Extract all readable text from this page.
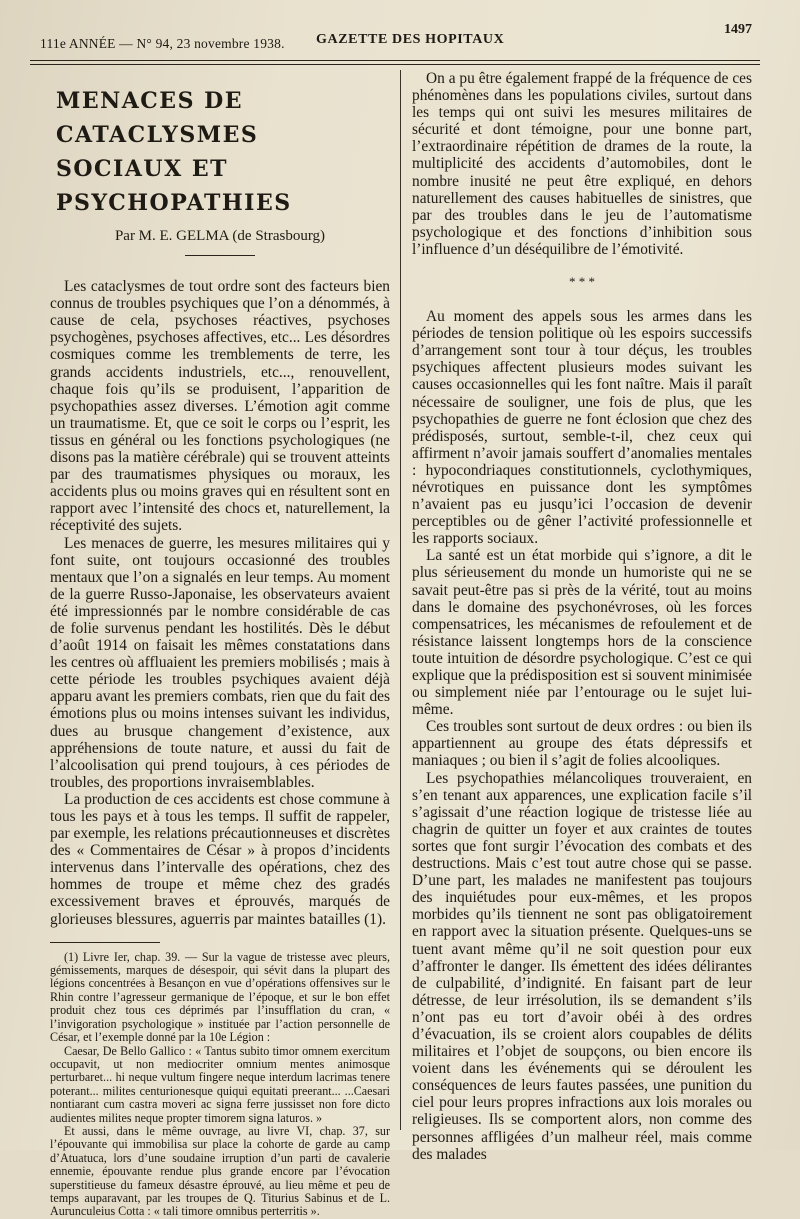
111e ANNÉE — N° 94, 23 novembre 1938. GAZETTE DES HOPITAUX
1497
MENACES DE CATACLYSMES
SOCIAUX ET PSYCHOPATHIES
Par M. E. GELMA (de Strasbourg)

Les cataclysmes de tout ordre sont des facteurs bien connus de troubles psychiques que l’on a dénommés, à cause de cela, psychoses réactives, psychoses psychogènes, psychoses affectives, etc... Les désordres cosmiques comme les tremblements de terre, les grands accidents industriels, etc..., renouvellent, chaque fois qu’ils se produisent, l’apparition de psychopathies assez diverses. L’émotion agit comme un traumatisme. Et, que ce soit le corps ou l’esprit, les tissus en général ou les fonctions psychologiques (ne disons pas la matière cérébrale) qui se trouvent atteints par des traumatismes physiques ou moraux, les accidents plus ou moins graves qui en résultent sont en rapport avec l’intensité des chocs et, naturellement, la réceptivité des sujets.

Les menaces de guerre, les mesures militaires qui y font suite, ont toujours occasionné des troubles mentaux que l’on a signalés en leur temps. Au moment de la guerre Russo-Japonaise, les observateurs avaient été impressionnés par le nombre considérable de cas de folie survenus pendant les hostilités. Dès le début d’août 1914 on faisait les mêmes constatations dans les centres où affluaient les premiers mobilisés ; mais à cette période les troubles psychiques avaient déjà apparu avant les premiers combats, rien que du fait des émotions plus ou moins intenses suivant les individus, dues au brusque changement d’existence, aux appréhensions de toute nature, et aussi du fait de l’alcoolisation qui prend toujours, à ces périodes de troubles, des proportions invraisemblables.

La production de ces accidents est chose commune à tous les pays et à tous les temps. Il suffit de rappeler, par exemple, les relations précautionneuses et discrètes des « Commentaires de César » à propos d’incidents intervenus dans l’intervalle des opérations, chez des hommes de troupe et même chez des gradés excessivement braves et éprouvés, marqués de glorieuses blessures, aguerris par maintes batailles (1).

(1) Livre Ier, chap. 39. — Sur la vague de tristesse avec pleurs, gémissements, marques de désespoir, qui sévit dans la plupart des légions concentrées à Besançon en vue d’opérations offensives sur le Rhin contre l’agresseur germanique de l’époque, et sur le bon effet produit chez tous ces déprimés par l’insufflation du cran, « l’invigoration psychologique » instituée par l’action personnelle de César, et l’exemple donné par la 10e Légion :

Caesar, De Bello Gallico : « Tantus subito timor omnem exercitum occupavit, ut non mediocriter omnium mentes animosque perturbaret... hi neque vultum fingere neque interdum lacrimas tenere poterant... milites centurionesque quiqui equitati preerant... ...Caesari nontiarant cum castra moveri ac signa ferre jussisset non fore dicto audientes milites neque propter timorem signa laturos. »

Et aussi, dans le même ouvrage, au livre VI, chap. 37, sur l’épouvante qui immobilisa sur place la cohorte de garde au camp d’Atuatuca, lors d’une soudaine irruption d’un parti de cavalerie ennemie, épouvante rendue plus grande encore par l’évocation superstitieuse du fameux désastre éprouvé, au lieu même et peu de temps auparavant, par les troupes de Q. Titurius Sabinus et de L. Aurunculeius Cotta : « tali timore omnibus perterritis ».

On a pu être également frappé de la fréquence de ces phénomènes dans les populations civiles, surtout dans les temps qui ont suivi les mesures militaires de sécurité et dont témoigne, pour une bonne part, l’extraordinaire répétition de drames de la route, la multiplicité des accidents d’automobiles, dont le nombre inusité ne peut être expliqué, en dehors naturellement des causes habituelles de sinistres, que par des troubles dans le jeu de l’automatisme psychologique et des fonctions d’inhibition sous l’influence d’un déséquilibre de l’émotivité.

* * *

Au moment des appels sous les armes dans les périodes de tension politique où les espoirs successifs d’arrangement sont tour à tour déçus, les troubles psychiques affectent plusieurs modes suivant les causes occasionnelles qui les font naître. Mais il paraît nécessaire de souligner, une fois de plus, que les psychopathies de guerre ne font éclosion que chez des prédisposés, surtout, semble-t-il, chez ceux qui affirment n’avoir jamais souffert d’anomalies mentales : hypocondriaques constitutionnels, cyclothymiques, névrotiques en puissance dont les symptômes n’avaient pas eu jusqu’ici l’occasion de devenir perceptibles ou de gêner l’activité professionnelle et les rapports sociaux.

La santé est un état morbide qui s’ignore, a dit le plus sérieusement du monde un humoriste qui ne se savait peut-être pas si près de la vérité, tout au moins dans le domaine des psychonévroses, où les forces compensatrices, les mécanismes de refoulement et de résistance laissent longtemps hors de la conscience toute intuition de désordre psychologique. C’est ce qui explique que la prédisposition est si souvent minimisée ou simplement niée par l’entourage ou le sujet lui-même.

Ces troubles sont surtout de deux ordres : ou bien ils appartiennent au groupe des états dépressifs et maniaques ; ou bien il s’agit de folies alcooliques.

Les psychopathies mélancoliques trouveraient, en s’en tenant aux apparences, une explication facile s’il s’agissait d’une réaction logique de tristesse liée au chagrin de quitter un foyer et aux craintes de toutes sortes que font surgir l’évocation des combats et des destructions. Mais c’est tout autre chose qui se passe. D’une part, les malades ne manifestent pas toujours des inquiétudes pour eux-mêmes, et les propos morbides qu’ils tiennent ne sont pas obligatoirement en rapport avec la situation présente. Quelques-uns se tuent avant même qu’il ne soit question pour eux d’affronter le danger. Ils émettent des idées délirantes de culpabilité, d’indignité. En faisant part de leur détresse, de leur irrésolution, ils se demandent s’ils n’ont pas eu tort d’avoir obéi à des ordres d’évacuation, ils se croient alors coupables de délits militaires et l’objet de soupçons, ou bien encore ils voient dans les événements qui se déroulent les conséquences de leurs fautes passées, une punition du ciel pour leurs propres infractions aux lois morales ou religieuses. Ils se comportent alors, non comme des personnes affligées d’un malheur réel, mais comme des malades
